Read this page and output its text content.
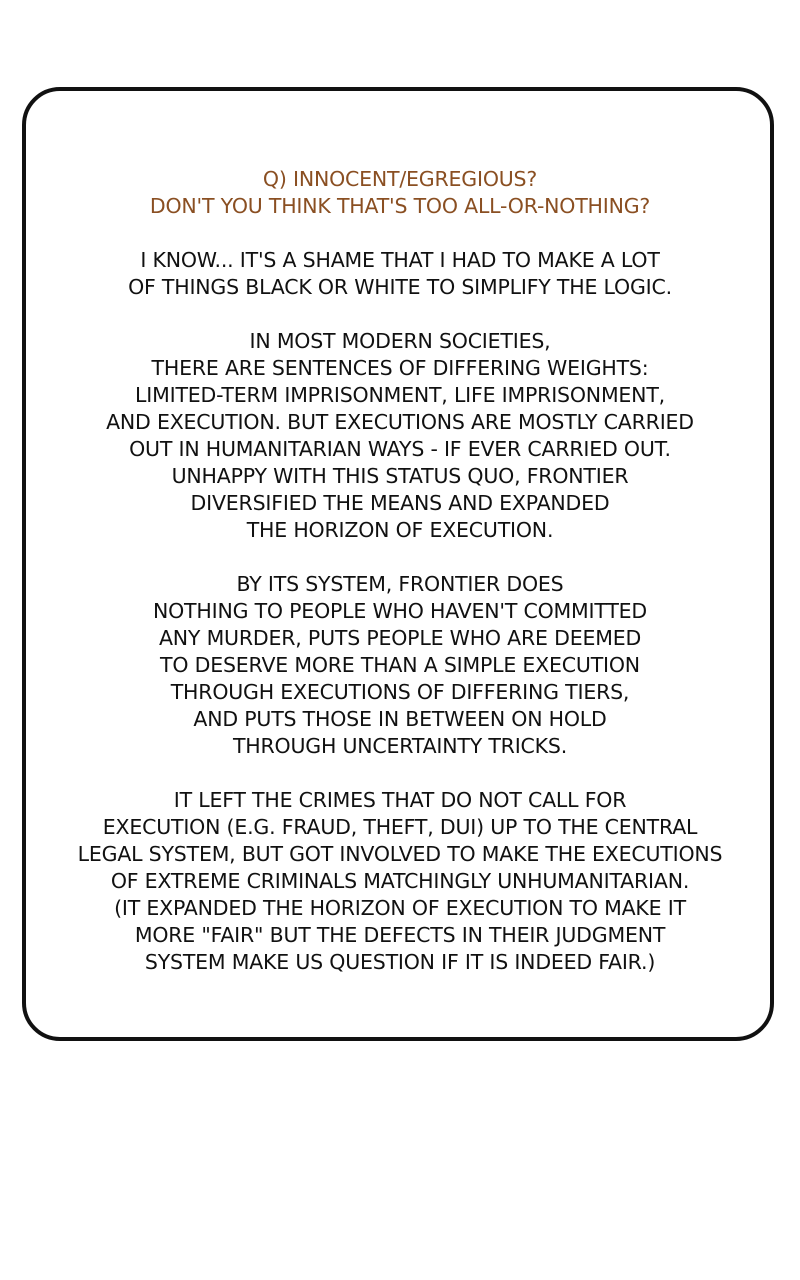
Q) INNOCENT/EGREGIOUS?
DON'T YOU THINK THAT'S TOO ALL-OR-NOTHING?
I KNOW... IT'S A SHAME THAT I HAD TO MAKE A LOT
OF THINGS BLACK OR WHITE TO SIMPLIFY THE LOGIC.
IN MOST MODERN SOCIETIES,
THERE ARE SENTENCES OF DIFFERING WEIGHTS:
LIMITED-TERM IMPRISONMENT, LIFE IMPRISONMENT,
AND EXECUTION. BUT EXECUTIONS ARE MOSTLY CARRIED
OUT IN HUMANITARIAN WAYS - IF EVER CARRIED OUT.
UNHAPPY WITH THIS STATUS QUO, FRONTIER
DIVERSIFIED THE MEANS AND EXPANDED
THE HORIZON OF EXECUTION.
BY ITS SYSTEM, FRONTIER DOES
NOTHING TO PEOPLE WHO HAVEN'T COMMITTED
ANY MURDER, PUTS PEOPLE WHO ARE DEEMED
TO DESERVE MORE THAN A SIMPLE EXECUTION
THROUGH EXECUTIONS OF DIFFERING TIERS,
AND PUTS THOSE IN BETWEEN ON HOLD
THROUGH UNCERTAINTY TRICKS.
IT LEFT THE CRIMES THAT DO NOT CALL FOR
EXECUTION (E.G. FRAUD, THEFT, DUI) UP TO THE CENTRAL
LEGAL SYSTEM, BUT GOT INVOLVED TO MAKE THE EXECUTIONS
OF EXTREME CRIMINALS MATCHINGLY UNHUMANITARIAN.
(IT EXPANDED THE HORIZON OF EXECUTION TO MAKE IT
MORE "FAIR" BUT THE DEFECTS IN THEIR JUDGMENT
SYSTEM MAKE US QUESTION IF IT IS INDEED FAIR.)
